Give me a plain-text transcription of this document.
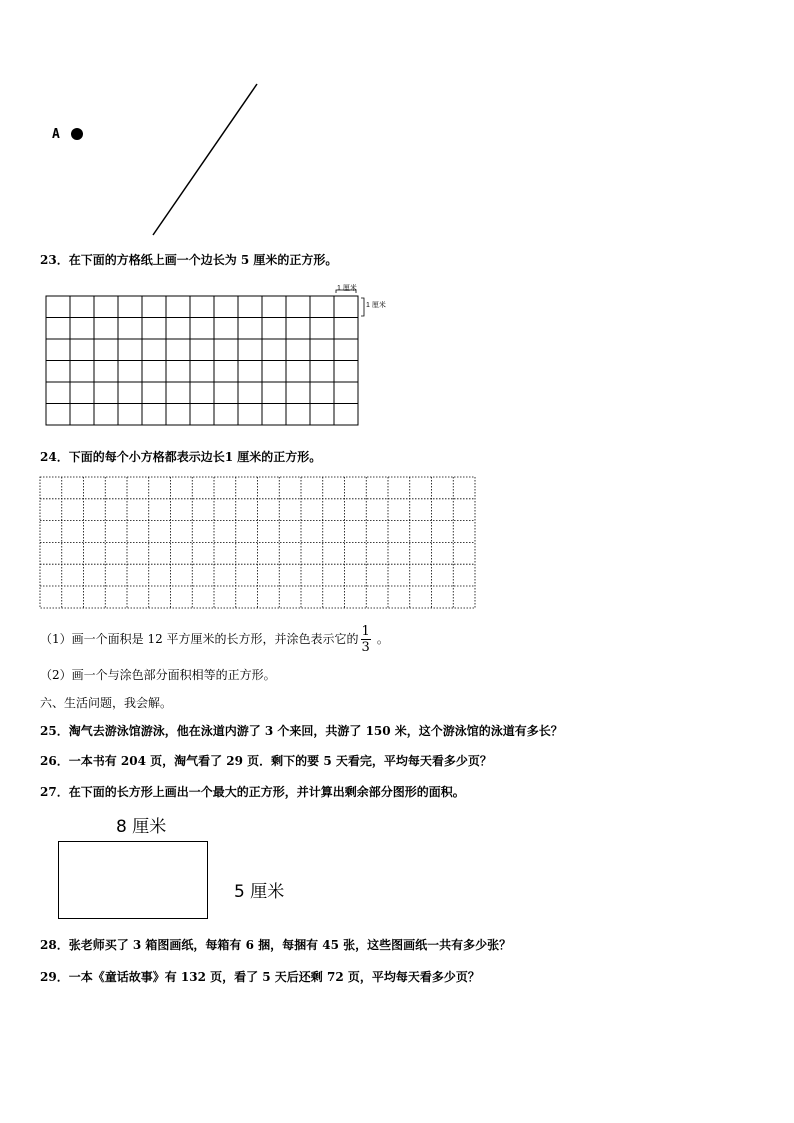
A
23．在下面的方格纸上画一个边长为 5 厘米的正方形。
1 厘米
1 厘米
24．下面的每个小方格都表示边长1 厘米的正方形。
（1）画一个面积是 12 平方厘米的长方形，并涂色表示它的 $\frac{1}{3}$ 。
（2）画一个与涂色部分面积相等的正方形。
六、生活问题，我会解。
25．淘气去游泳馆游泳，他在泳道内游了 3 个来回，共游了 150 米，这个游泳馆的泳道有多长？
26．一本书有 204 页，淘气看了 29 页．剩下的要 5 天看完，平均每天看多少页？
27．在下面的长方形上画出一个最大的正方形，并计算出剩余部分图形的面积。
8 厘米
5 厘米
28．张老师买了 3 箱图画纸，每箱有 6 捆，每捆有 45 张，这些图画纸一共有多少张？
29．一本《童话故事》有 132 页，看了 5 天后还剩 72 页，平均每天看多少页？
